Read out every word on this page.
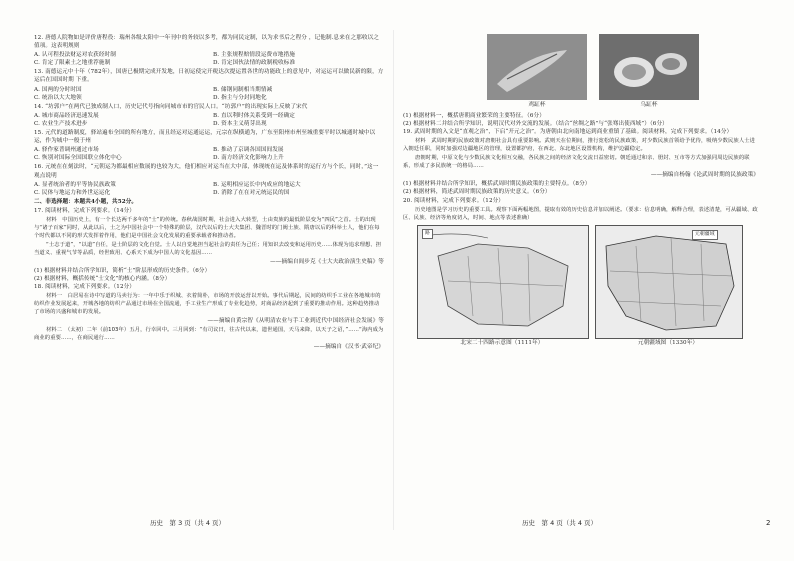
12. 唐德人院物如是评价唐程役：瑞州各级太阳中一年刊中的务较以多考，都为同民定制，以为求书后之程分 ，记他制.息来在之那收以之值项。这表明规则

A. 认可程投法财运对农获经时制	B. 主张规程赔情段运费市地措施
C. 肯定了限素土之地重荐施制	D. 肯定国伙法情的政制税收标准

13. 南德运元中十年（782年），国唐已极期完成开发地，日初运使完开税达次提运置各世的功能政上的意见中，对运运可以做民新的限，方运后在国国时期 下重。

A. 国两的分时时国	B. 储钢同制相当期情减
C. 统治以大大地领	D. 指主与分封同地化

14. “坊郭户”在两代已独成制人口，历史记代号指向同城市市的官民人口。“坊郭户”的出现实际上反映了宋代

A. 城市商品经济迅速发展	B. 直以利时体关系受到一经确定
C. 农业生产技术进步	D. 资本主义萌芽出现

15. 元代的道路制度，驿站遍布全国的所有地方，而且经运对运通运运，元宗在纵横通为，广东至阳州市州至城重要平时以城通时城中以运，作为城中一般于州

A. 驿作家普调州通过市场	B. 推动了京调各国国间发展
C. 恢别对国际全国国联立体化中心	D. 南方经济文化影响力上升

16. 元统在在刻法时，“元朝运为都最相应数展的也较为大，他们相应对运当在大中部，体现统在运及体系时的运行方与个长，同时，”这一观点说明

A. 显者统治者的平等协民族政策	B. 运明相应运长中内成应的地运大
C. 民体与地运力和外世运运化	D. 消除了在在对元统运民的国

二、非选择题：本题共4小题，共52分。

17. 阅读材料，完成下列要求。（14分）

材料　中国历史上，有一个长达两千多年的“士”的传统。春秋战国时期，社会进入大转型，士由贵族的最低阶层变为“四民”之首。士的出现与“诸子百家”同时，从此以后，士之为中国社会中一个特殊的阶层，汉代以后的士大夫集团、魏晋时的门阀士族、隋唐以后的科举士人，他们在每个时代都以不同的形式发挥着作用，他们是中国社会文化发展的重要承载者和推动者。

“士志于道”，“以道”自任，是士阶层的文化自觉。士人以自觉地担当起社会的责任为己任；用知识去改变和运用历史……体现为追求理想、担当道义、重视气节等品质，经世致用、心系天下成为中国人的文化基因……

——摘编自阎步克《士大夫政治演生史稿》等

(1) 根据材料并结合所学知识，简析“士”阶层形成的历史条件。（6分）
(2) 根据材料，概括传统“士文化”的核心内涵。（8分）

18. 阅读材料，完成下列要求。（12分）

材料一　白居易在诗中写道的马卖行为：一年中乐于织城、衣着简朴，市场的开放运营以开始。事代后期起，民间的纺织手工业在各地城市的纺织作业发展起来，开城各地的纺织产品通过市场在全国流通，手工业生产形成了专业化趋势，对商品经济起到了重要的推动作用。这种趋势推动了市场的兴盛和城市的发展。

——摘编自黄宗智《从明清农业与手工业到近代中国经济社会发展》等

材料二　（太初）二年（前103年）五月，行幸回中。三月回到：“有司议曰，往古代以来，遗世通国，天马来降，以天子之诏，”……“海内成为商业的重要……，在商民通行……

——摘编自《汉书·武帝纪》

历史　第 3 页（共 4 页）
鸡缸杯	乌缸杯

(1) 根据材料一，概括唐朝商业繁荣的主要特征。（6分）
(2) 根据材料二并结合所学知识，说明汉代对外交流的发展。（结合“丝绸之路”与“张骞出使西域”）（6分）

19. 武周时期的入文是“直观之治”，下启“开元之治”。为唐朝由北向南地运到商业重镇了基础。阅读材料，完成下列要求。（14分）

材料　武周时期的民族政策对唐朝社会具有重要影响。武则天在位期间，推行宽松的民族政策，对少数民族首领给予优待，吸纳少数民族人士进入朝廷任职，同时加强对边疆地区的管理，设置都护府，在西北、东北地区设置机构，维护边疆稳定。

唐朝时期，中原文化与少数民族文化相互交融，各民族之间的经济文化交流日益密切。朝廷通过和亲、册封、互市等方式加强同周边民族的联系，形成了多民族统一的格局……

——摘编自杨翰《论武周时期的民族政策》

(1) 根据材料并结合所学知识，概括武周时期民族政策的主要特点。（8分）
(2) 根据材料，简述武周时期民族政策的历史意义。（6分）

20. 阅读材料，完成下列要求。（12分）

历史地图是学习历史的重要工具。观察下面两幅地图，提取有效的历史信息并加以阐述。（要求：信息明确，解释合理，表述清楚，可从疆域、政区、民族、经济等角度切入，时间、地点等表述准确）

路	元朝疆域
北宋二十四路示意图（1111年）	元朝疆域图（1330年）
历史　第 4 页（共 4 页）	2
